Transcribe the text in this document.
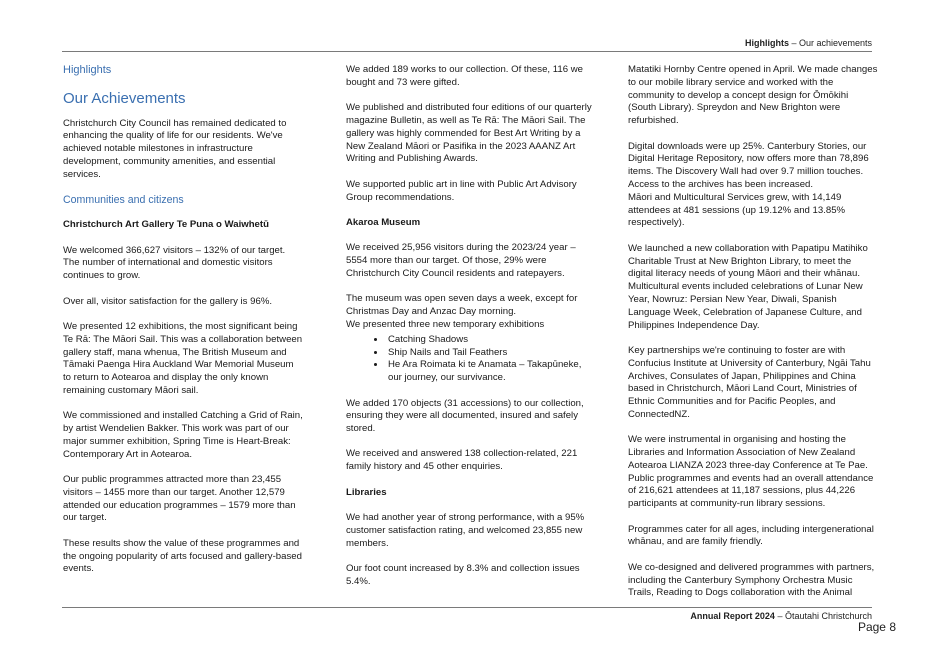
Highlights – Our achievements

Highlights

Our Achievements

Christchurch City Council has remained dedicated to enhancing the quality of life for our residents. We've achieved notable milestones in infrastructure development, community amenities, and essential services.

Communities and citizens

Christchurch Art Gallery Te Puna o Waiwhetū

We welcomed 366,627 visitors – 132% of our target. The number of international and domestic visitors continues to grow.

Over all, visitor satisfaction for the gallery is 96%.

We presented 12 exhibitions, the most significant being Te Rā: The Māori Sail. This was a collaboration between gallery staff, mana whenua, The British Museum and Tāmaki Paenga Hira Auckland War Memorial Museum to return to Aotearoa and display the only known remaining customary Māori sail.

We commissioned and installed Catching a Grid of Rain, by artist Wendelien Bakker. This work was part of our major summer exhibition, Spring Time is Heart-Break: Contemporary Art in Aotearoa.

Our public programmes attracted more than 23,455 visitors – 1455 more than our target. Another 12,579 attended our education programmes – 1579 more than our target.

These results show the value of these programmes and the ongoing popularity of arts focused and gallery-based events.

We added 189 works to our collection. Of these, 116 we bought and 73 were gifted.

We published and distributed four editions of our quarterly magazine Bulletin, as well as Te Rā: The Māori Sail. The gallery was highly commended for Best Art Writing by a New Zealand Māori or Pasifika in the 2023 AAANZ Art Writing and Publishing Awards.

We supported public art in line with Public Art Advisory Group recommendations.

Akaroa Museum

We received 25,956 visitors during the 2023/24 year – 5554 more than our target. Of those, 29% were Christchurch City Council residents and ratepayers.

The museum was open seven days a week, except for Christmas Day and Anzac Day morning.

We presented three new temporary exhibitions

• Catching Shadows
• Ship Nails and Tail Feathers
• He Ara Roimata ki te Anamata – Takapūneke, our journey, our survivance.

We added 170 objects (31 accessions) to our collection, ensuring they were all documented, insured and safely stored.

We received and answered 138 collection-related, 221 family history and 45 other enquiries.

Libraries

We had another year of strong performance, with a 95% customer satisfaction rating, and welcomed 23,855 new members.

Our foot count increased by 8.3% and collection issues 5.4%.

Matatiki Hornby Centre opened in April. We made changes to our mobile library service and worked with the community to develop a concept design for Ōmōkihi (South Library). Spreydon and New Brighton were refurbished.

Digital downloads were up 25%. Canterbury Stories, our Digital Heritage Repository, now offers more than 78,896 items. The Discovery Wall had over 9.7 million touches. Access to the archives has been increased.

Māori and Multicultural Services grew, with 14,149 attendees at 481 sessions (up 19.12% and 13.85% respectively).

We launched a new collaboration with Papatipu Matihiko Charitable Trust at New Brighton Library, to meet the digital literacy needs of young Māori and their whānau. Multicultural events included celebrations of Lunar New Year, Nowruz: Persian New Year, Diwali, Spanish Language Week, Celebration of Japanese Culture, and Philippines Independence Day.

Key partnerships we're continuing to foster are with Confucius Institute at University of Canterbury, Ngāi Tahu Archives, Consulates of Japan, Philippines and China based in Christchurch, Māori Land Court, Ministries of Ethnic Communities and for Pacific Peoples, and ConnectedNZ.

We were instrumental in organising and hosting the Libraries and Information Association of New Zealand Aotearoa LIANZA 2023 three-day Conference at Te Pae. Public programmes and events had an overall attendance of 216,621 attendees at 11,187 sessions, plus 44,226 participants at community-run library sessions.

Programmes cater for all ages, including intergenerational whānau, and are family friendly.

We co-designed and delivered programmes with partners, including the Canterbury Symphony Orchestra Music Trails, Reading to Dogs collaboration with the Animal

Annual Report 2024 – Ōtautahi Christchurch
Page 8
